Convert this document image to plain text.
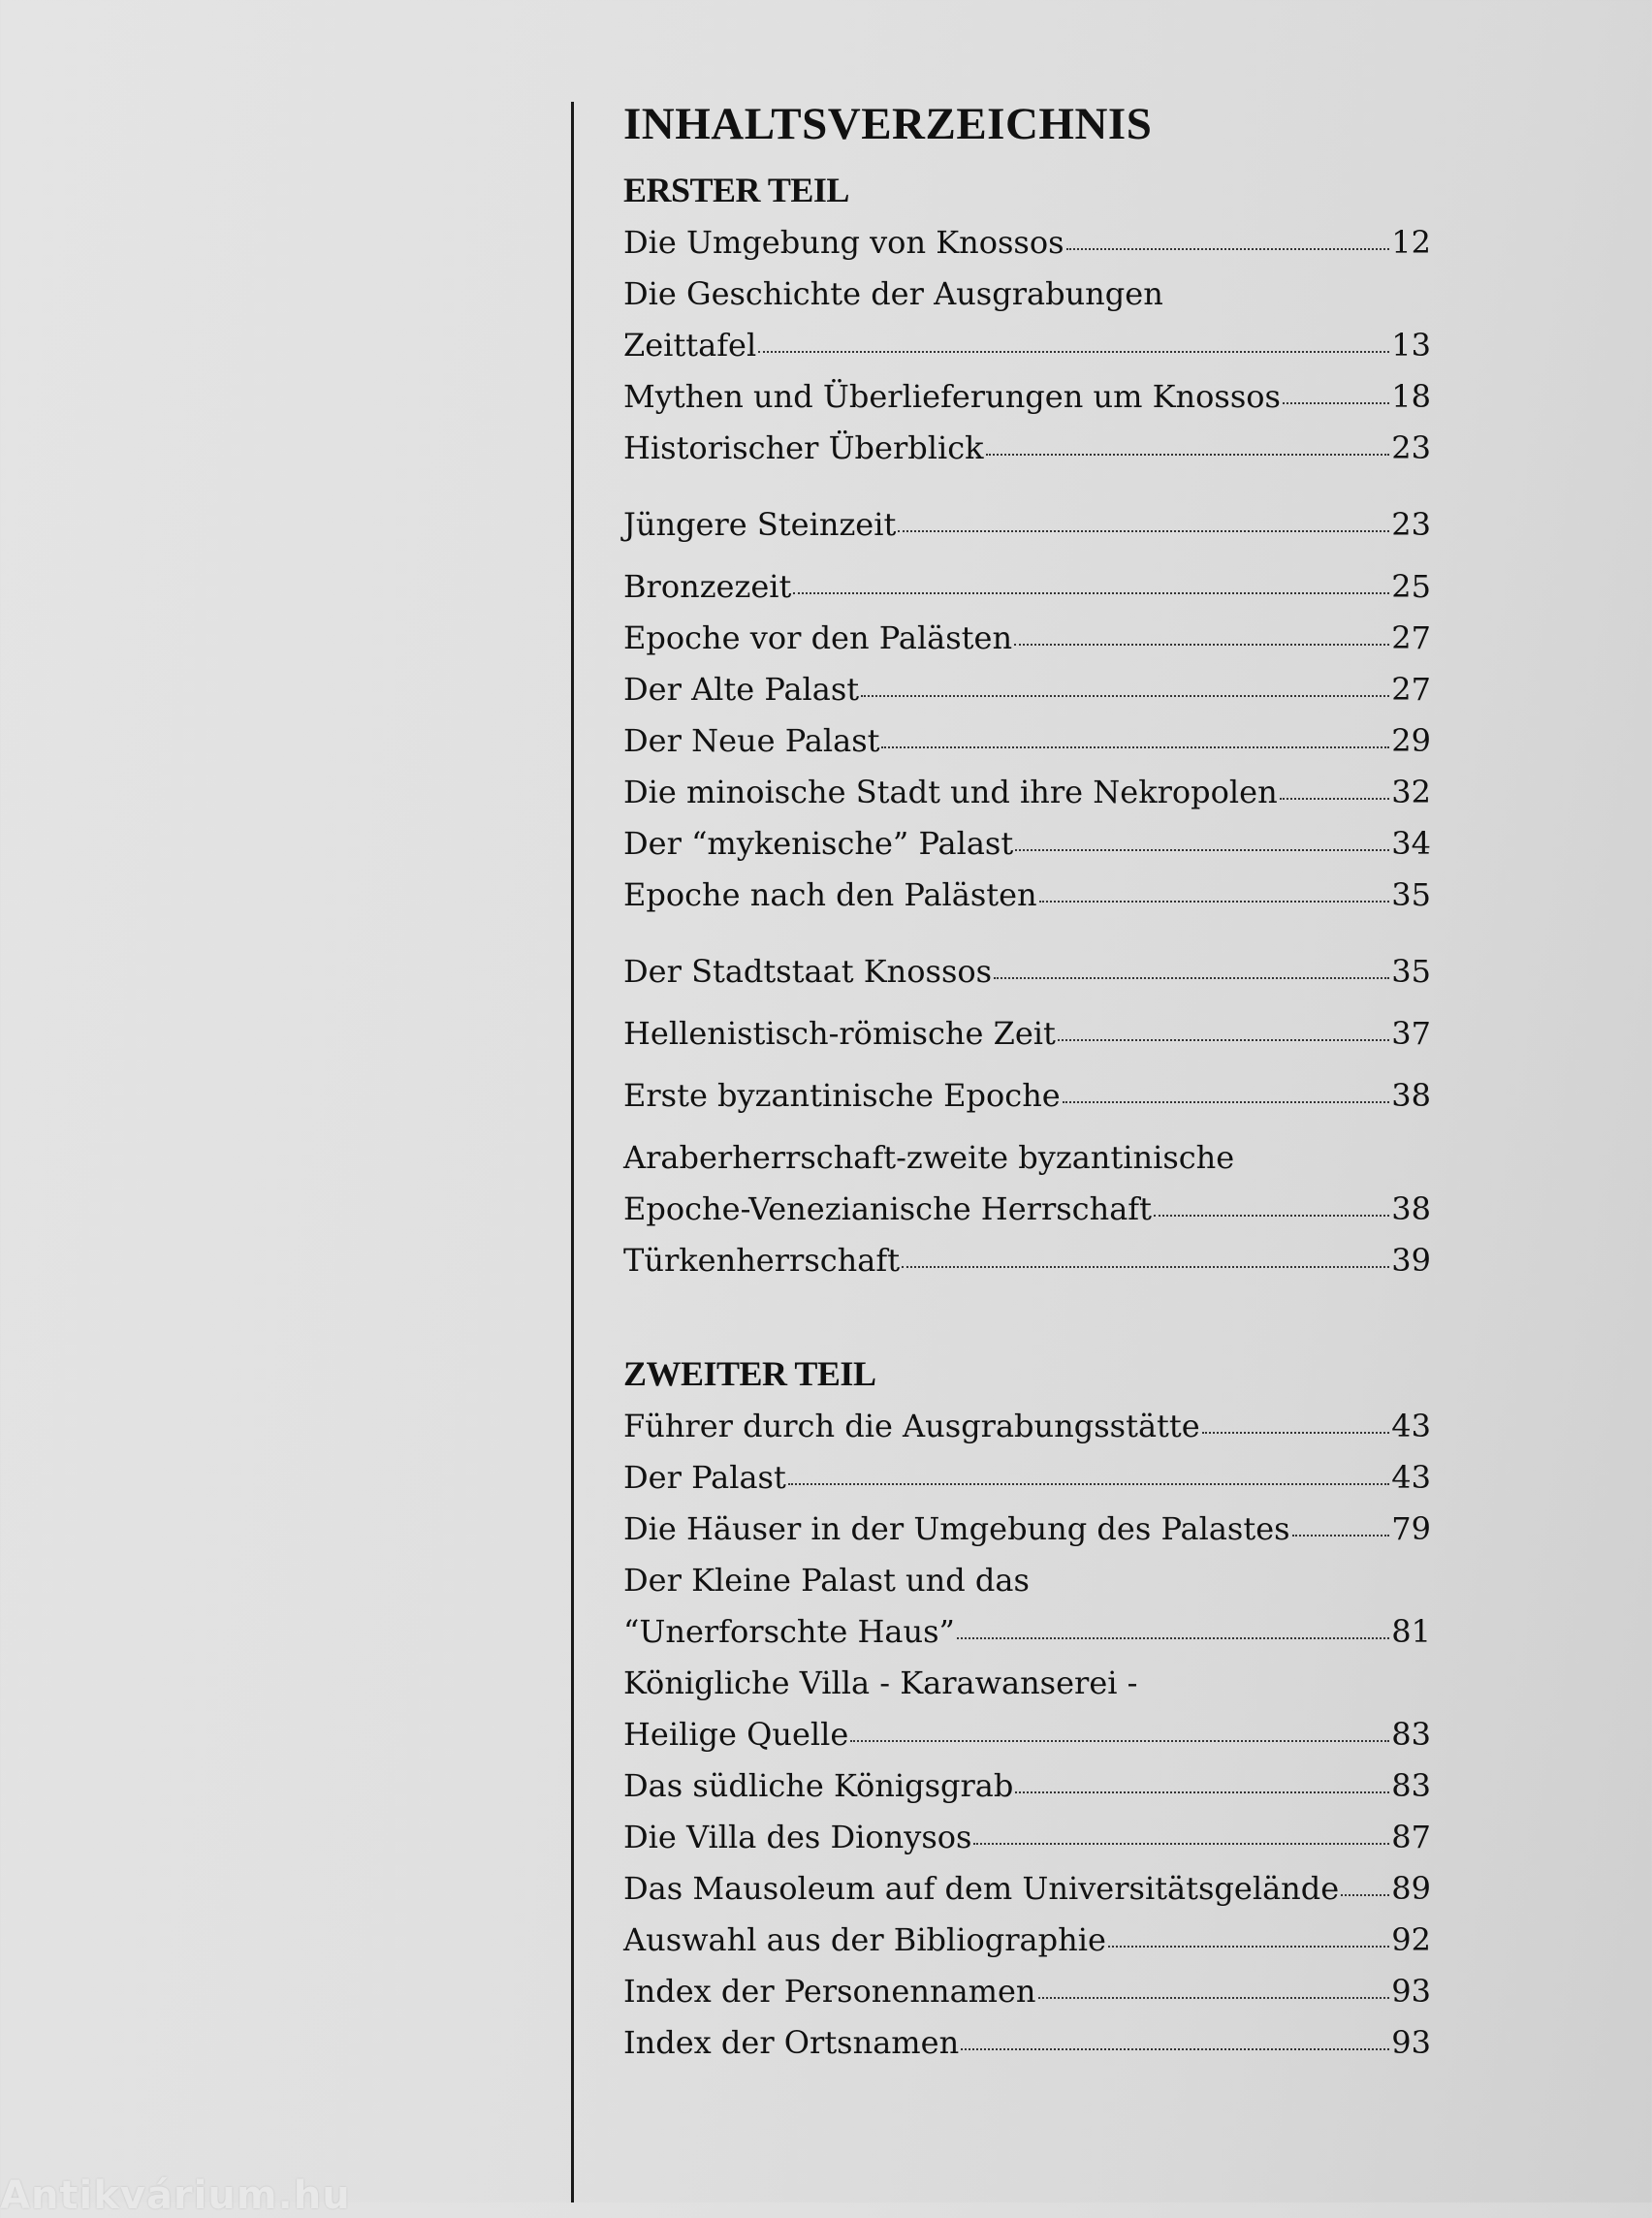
INHALTSVERZEICHNIS
ERSTER TEIL
Die Umgebung von Knossos	12
Die Geschichte der Ausgrabungen
Zeittafel	13
Mythen und Überlieferungen um Knossos	18
Historischer Überblick	23
Jüngere Steinzeit	23
Bronzezeit	25
Epoche vor den Palästen	27
Der Alte Palast	27
Der Neue Palast	29
Die minoische Stadt und ihre Nekropolen	32
Der “mykenische” Palast	34
Epoche nach den Palästen	35
Der Stadtstaat Knossos	35
Hellenistisch-römische Zeit	37
Erste byzantinische Epoche	38
Araberherrschaft-zweite byzantinische
Epoche-Venezianische Herrschaft	38
Türkenherrschaft	39
ZWEITER TEIL
Führer durch die Ausgrabungsstätte	43
Der Palast	43
Die Häuser in der Umgebung des Palastes	79
Der Kleine Palast und das
“Unerforschte Haus”	81
Königliche Villa - Karawanserei -
Heilige Quelle	83
Das südliche Königsgrab	83
Die Villa des Dionysos	87
Das Mausoleum auf dem Universitätsgelände 89
Auswahl aus der Bibliographie	92
Index der Personennamen	93
Index der Ortsnamen	93
Antikvárium.hu
